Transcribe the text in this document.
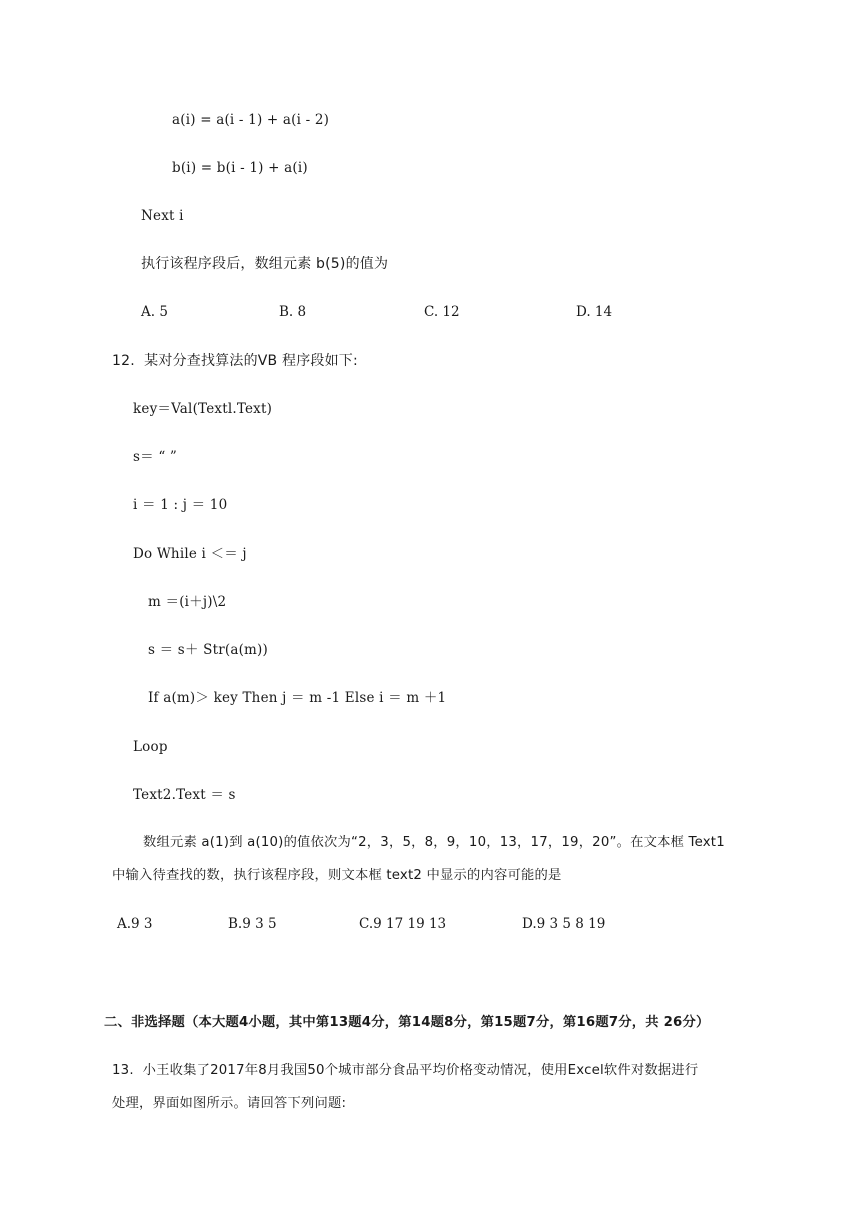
a(i) = a(i - 1) + a(i - 2)
b(i) = b(i - 1) + a(i)
Next i
执行该程序段后，数组元素 b(5)的值为
A. 5	B. 8	C. 12	D. 14
12.  某对分查找算法的VB 程序段如下:
key＝Val(Textl.Text)
s＝ “ ”
i ＝ 1 : j ＝ 10
Do While i ＜＝ j
m ＝(i＋j)\2
s ＝ s＋ Str(a(m))
If a(m)＞ key Then j ＝ m -1 Else i ＝ m ＋1
Loop
Text2.Text ＝ s
数组元素 a(1)到 a(10)的值依次为“2，3，5，8，9，10，13，17，19，20”。在文本框 Text1
中输入待查找的数，执行该程序段，则文本框 text2 中显示的内容可能的是
A.9 3	B.9 3 5	C.9 17 19 13	D.9 3 5 8 19
二、非选择题（本大题4小题，其中第13题4分，第14题8分，第15题7分，第16题7分，共 26分）
13.  小王收集了2017年8月我国50个城市部分食品平均价格变动情况，使用Excel软件对数据进行
处理，界面如图所示。请回答下列问题:
